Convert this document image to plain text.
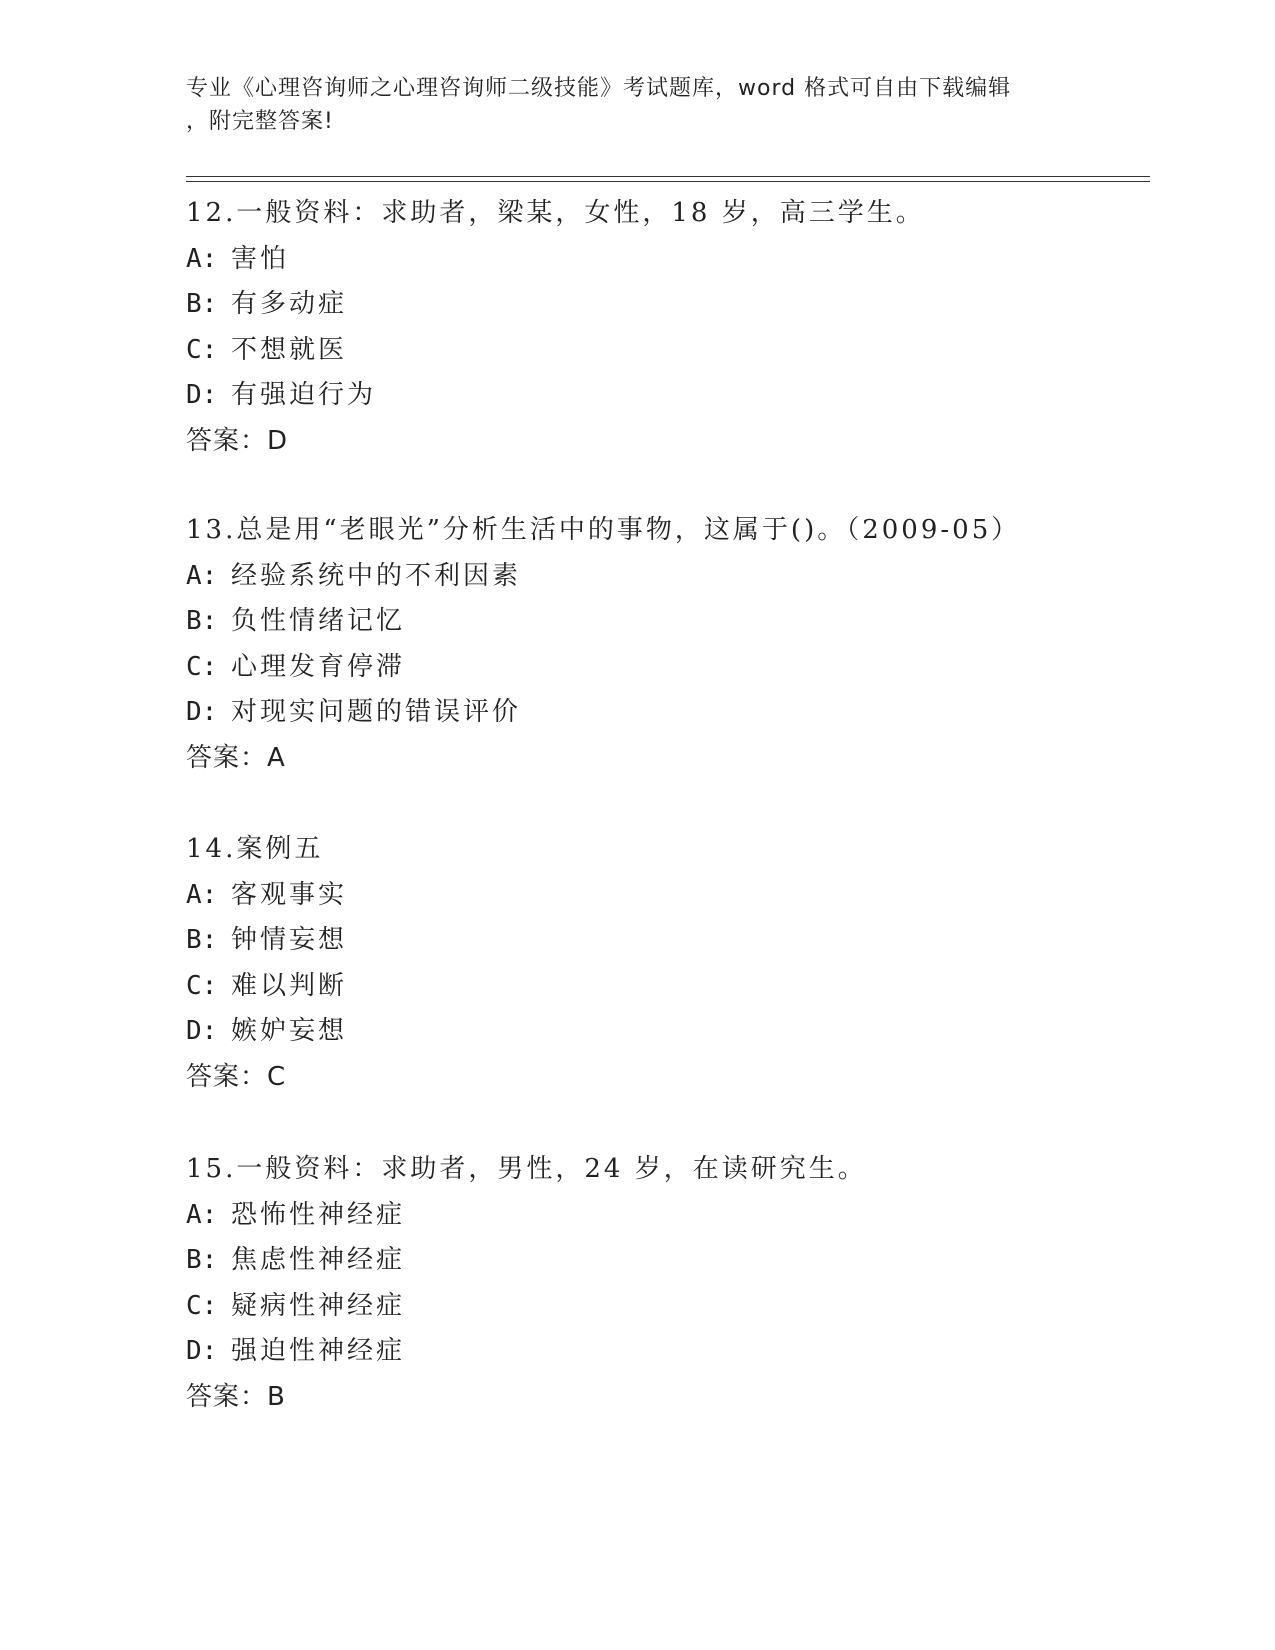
专业《心理咨询师之心理咨询师二级技能》考试题库，word 格式可自由下载编辑
，附完整答案!
12.一般资料：求助者，梁某，女性，18 岁，高三学生。
A: 害怕
B: 有多动症
C: 不想就医
D: 有强迫行为
答案：D
13.总是用“老眼光”分析生活中的事物，这属于()。（2009-05）
A: 经验系统中的不利因素
B: 负性情绪记忆
C: 心理发育停滞
D: 对现实问题的错误评价
答案：A
14.案例五
A: 客观事实
B: 钟情妄想
C: 难以判断
D: 嫉妒妄想
答案：C
15.一般资料：求助者，男性，24 岁，在读研究生。
A: 恐怖性神经症
B: 焦虑性神经症
C: 疑病性神经症
D: 强迫性神经症
答案：B
